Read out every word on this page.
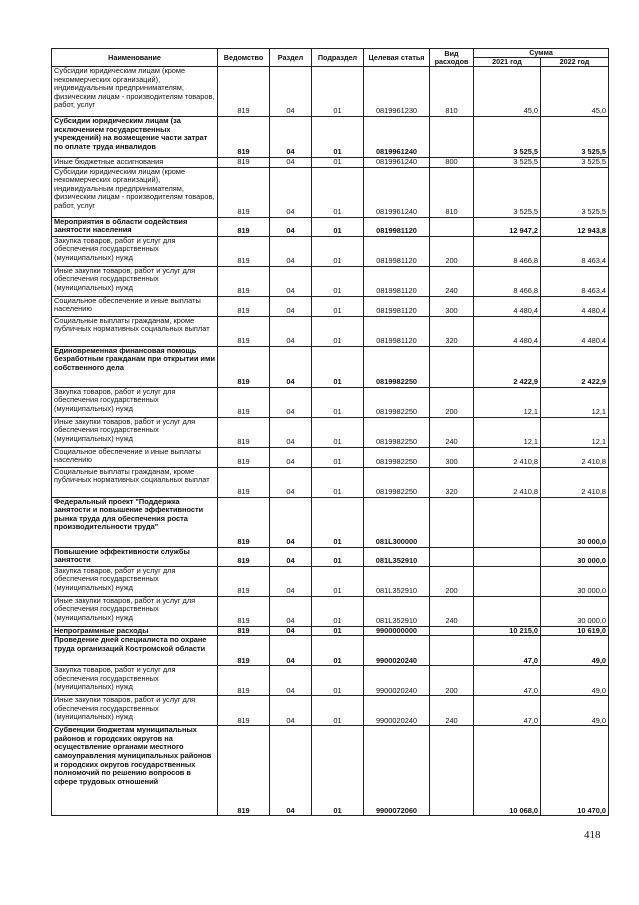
Наименование	Ведомство	Раздел	Подраздел	Целевая статья	Вид расходов	Сумма	
						2021 год	2022 год
Субсидии юридическим лицам (кроме некоммерческих организаций), индивидуальным предпринимателям, физическим лицам - производителям товаров, работ, услуг	819	04	01	0819961230	810	45,0	45,0
Субсидии юридическим лицам (за исключением государственных учреждений) на возмещение части затрат по оплате труда инвалидов	819	04	01	0819961240		3 525,5	3 525,5
Иные бюджетные ассигнования	819	04	01	0819961240	800	3 525,5	3 525,5
Субсидии юридическим лицам (кроме некоммерческих организаций), индивидуальным предпринимателям, физическим лицам - производителям товаров, работ, услуг	819	04	01	0819961240	810	3 525,5	3 525,5
Мероприятия в области содействия занятости населения	819	04	01	0819981120		12 947,2	12 943,8
Закупка товаров, работ и услуг для обеспечения государственных (муниципальных) нужд	819	04	01	0819981120	200	8 466,8	8 463,4
Иные закупки товаров, работ и услуг для обеспечения государственных (муниципальных) нужд	819	04	01	0819981120	240	8 466,8	8 463,4
Социальное обеспечение и иные выплаты населению	819	04	01	0819981120	300	4 480,4	4 480,4
Социальные выплаты гражданам, кроме публичных нормативных социальных выплат	819	04	01	0819981120	320	4 480,4	4 480,4
Единовременная финансовая помощь безработным гражданам при открытии ими собственного дела	819	04	01	0819982250		2 422,9	2 422,9
Закупка товаров, работ и услуг для обеспечения государственных (муниципальных) нужд	819	04	01	0819982250	200	12,1	12,1
Иные закупки товаров, работ и услуг для обеспечения государственных (муниципальных) нужд	819	04	01	0819982250	240	12,1	12,1
Социальное обеспечение и иные выплаты населению	819	04	01	0819982250	300	2 410,8	2 410,8
Социальные выплаты гражданам, кроме публичных нормативных социальных выплат	819	04	01	0819982250	320	2 410,8	2 410,8
Федеральный проект "Поддержка занятости и повышение эффективности рынка труда для обеспечения роста производительности труда"	819	04	01	081L300000			30 000,0
Повышение эффективности службы занятости	819	04	01	081L352910			30 000,0
Закупка товаров, работ и услуг для обеспечения государственных (муниципальных) нужд	819	04	01	081L352910	200		30 000,0
Иные закупки товаров, работ и услуг для обеспечения государственных (муниципальных) нужд	819	04	01	081L352910	240		30 000,0
Непрограммные расходы	819	04	01	9900000000		10 215,0	10 619,0
Проведение дней специалиста по охране труда организаций Костромской области	819	04	01	9900020240		47,0	49,0
Закупка товаров, работ и услуг для обеспечения государственных (муниципальных) нужд	819	04	01	9900020240	200	47,0	49,0
Иные закупки товаров, работ и услуг для обеспечения государственных (муниципальных) нужд	819	04	01	9900020240	240	47,0	49,0
Субвенции бюджетам муниципальных районов и городских округов на осуществление органами местного самоуправления муниципальных районов и городских округов государственных полномочий по решению вопросов в сфере трудовых отношений	819	04	01	9900072060		10 068,0	10 470,0
418
